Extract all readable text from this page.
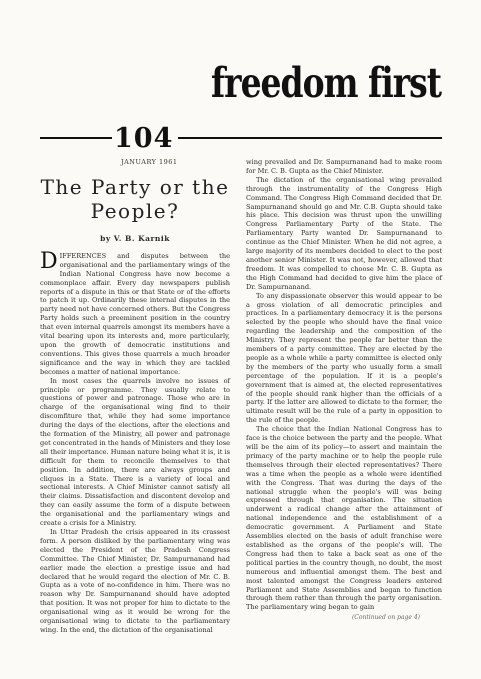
freedom first
104
JANUARY 1961
The Party or the People?
by V. B. Karnik

DIFFERENCES and disputes between the organisational and the parliamentary wings of the Indian National Congress have now become a commonplace affair. Every day newspapers publish reports of a dispute in this or that State or of the efforts to patch it up. Ordinarily these internal disputes in the party need not have concerned others. But the Congress Party holds such a preeminent position in the country that even internal quarrels amongst its members have a vital bearing upon its interests and, more particularly, upon the growth of democratic institutions and conventions. This gives those quarrels a much broader significance and the way in which they are tackled becomes a matter of national importance.

In most cases the quarrels involve no issues of principle or programme. They usually relate to questions of power and patronage. Those who are in charge of the organisational wing find to their discomfiture that, while they had some importance during the days of the elections, after the elections and the formation of the Ministry, all power and patronage get concentrated in the hands of Ministers and they lose all their importance. Human nature being what it is, it is difficult for them to reconcile themselves to that position. In addition, there are always groups and cliques in a State. There is a variety of local and sectional interests. A Chief Minister cannot satisfy all their claims. Dissatisfaction and discontent develop and they can easily assume the form of a dispute between the organisational and the parliamentary wings and create a crisis for a Ministry.

In Uttar Pradesh the crisis appeared in its crassest form. A person disliked by the parliamentary wing was elected the President of the Pradesh Congress Committee. The Chief Minister, Dr. Sampurnanand had earlier made the election a prestige issue and had declared that he would regard the election of Mr. C. B. Gupta as a vote of no-confidence in him. There was no reason why Dr. Sampurnanand should have adopted that position. It was not proper for him to dictate to the organisational wing as it would be wrong for the organisational wing to dictate to the parliamentary wing. In the end, the dictation of the organisational

wing prevailed and Dr. Sampurnanand had to make room for Mr. C. B. Gupta as the Chief Minister.

The dictation of the organisational wing prevailed through the instrumentality of the Congress High Command. The Congress High Command decided that Dr. Sampurnanand should go and Mr. C.B. Gupta should take his place. This decision was thrust upon the unwilling Congress Parliamentary Party of the State. The Parliamentary Party wanted Dr. Sampurnanand to continue as the Chief Minister. When he did not agree, a large majority of its members decided to elect to the post another senior Minister. It was not, however, allowed that freedom. It was compelled to choose Mr. C. B. Gupta as the High Command had decided to give him the place of Dr. Sampurnanand.

To any dispassionate observer this would appear to be a gross violation of all democratic principles and practices. In a parliamentary democracy it is the persons selected by the people who should have the final voice regarding the leadership and the composition of the Ministry. They represent the people far better than the members of a party committee. They are elected by the people as a whole while a party committee is elected only by the members of the party who usually form a small percentage of the population. If it is a people's government that is aimed at, the elected representatives of the people should rank higher than the officials of a party. If the latter are allowed to dictate to the former, the ultimate result will be the rule of a party in opposition to the rule of the people.

The choice that the Indian National Congress has to face is the choice between the party and the people. What will be the aim of its policy—to assert and maintain the primacy of the party machine or to help the people rule themselves through their elected representatives? There was a time when the people as a whole were identified with the Congress. That was during the days of the national struggle when the people's will was being expressed through that organisation. The situation underwent a radical change after the attainment of national independence and the establishment of a democratic government. A Parliament and State Assemblies elected on the basis of adult franchise were established as the organs of the people's will. The Congress had then to take a back seat as one of the political parties in the country though, no doubt, the most numerous and influential amongst them. The best and most talented amongst the Congress leaders entered Parliament and State Assemblies and began to function through them rather than through the party organisation. The parliamentary wing began to gain

(Continued on page 4)
